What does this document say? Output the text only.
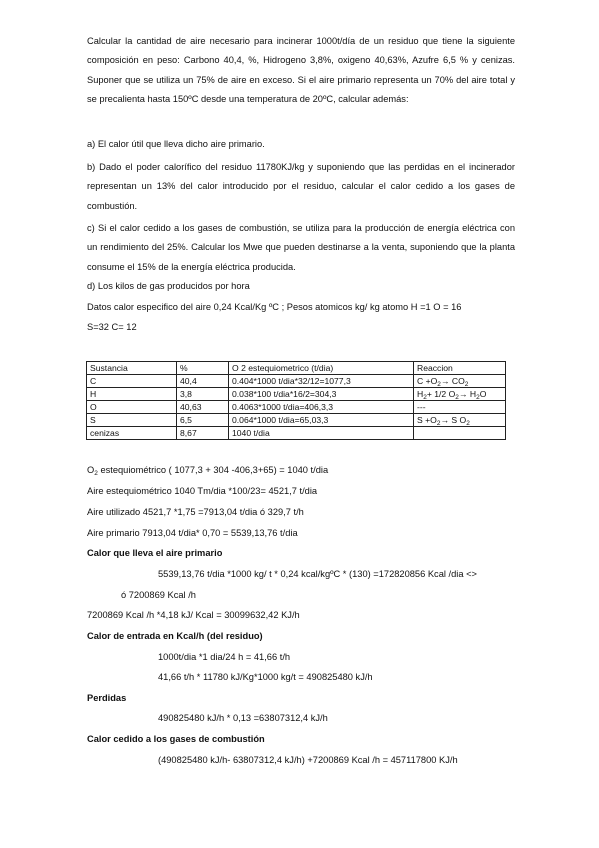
Calcular la cantidad de aire necesario para incinerar 1000t/día de un residuo que tiene la siguiente composición en peso: Carbono 40,4, %, Hidrogeno 3,8%, oxigeno 40,63%, Azufre 6,5 % y cenizas. Suponer que se utiliza un 75% de aire en exceso. Si el aire primario representa un 70% del aire total y se precalienta hasta 150ºC desde una temperatura de 20ºC, calcular además:

a) El calor útil que lleva dicho aire primario.

b) Dado el poder calorífico del residuo 11780KJ/kg y suponiendo que las perdidas en el incinerador representan un 13% del calor introducido por el residuo, calcular el calor cedido a los gases de combustión.

c) Si el calor cedido a los gases de combustión, se utiliza para la producción de energía eléctrica con un rendimiento del 25%. Calcular los Mwe que pueden destinarse a la venta, suponiendo que la planta consume el 15% de la energía eléctrica producida.

d) Los kilos de gas producidos por hora

Datos calor especifico del aire 0,24 Kcal/Kg ºC ; Pesos atomicos kg/ kg atomo H =1 O = 16

S=32 C= 12

Sustancia	%	O 2 estequiometrico (t/dia)	Reaccion
C	40,4	0.404*1000 t/dia*32/12=1077,3	$C +O_2\to CO_2$
H	3,8	0.038*100 t/dia*16/2=304,3	$H_2+ 1/2$ $O_2\to H_2O$
O	40,63	0.4063*1000 t/dia=406,3,3	---
S	6,5	0.064*1000 t/dia=65,03,3	$S +O_2\to S$ $O_2$
cenizas	8,67	1040 t/dia	

$O_2$ estequiométrico ( 1077,3 + 304 -406,3+65) = 1040 t/dia

Aire estequiométrico 1040 Tm/dia *100/23= 4521,7 t/dia

Aire utilizado 4521,7 *1,75 =7913,04 t/dia ó 329,7 t/h

Aire primario 7913,04 t/dia* 0,70 = 5539,13,76 t/dia

Calor que lleva el aire primario

5539,13,76 t/dia *1000 kg/ t * 0,24 kcal/kgºC * (130) =172820856 Kcal /dia <>

ó 7200869 Kcal /h

7200869 Kcal /h *4,18 kJ/ Kcal = 30099632,42 KJ/h

Calor de entrada en Kcal/h (del residuo)

1000t/dia *1 dia/24 h = 41,66 t/h

41,66 t/h * 11780 kJ/Kg*1000 kg/t = 490825480 kJ/h

Perdidas

490825480 kJ/h * 0,13 =63807312,4 kJ/h

Calor cedido a los gases de combustión

(490825480 kJ/h- 63807312,4 kJ/h) +7200869 Kcal /h = 457117800 KJ/h
